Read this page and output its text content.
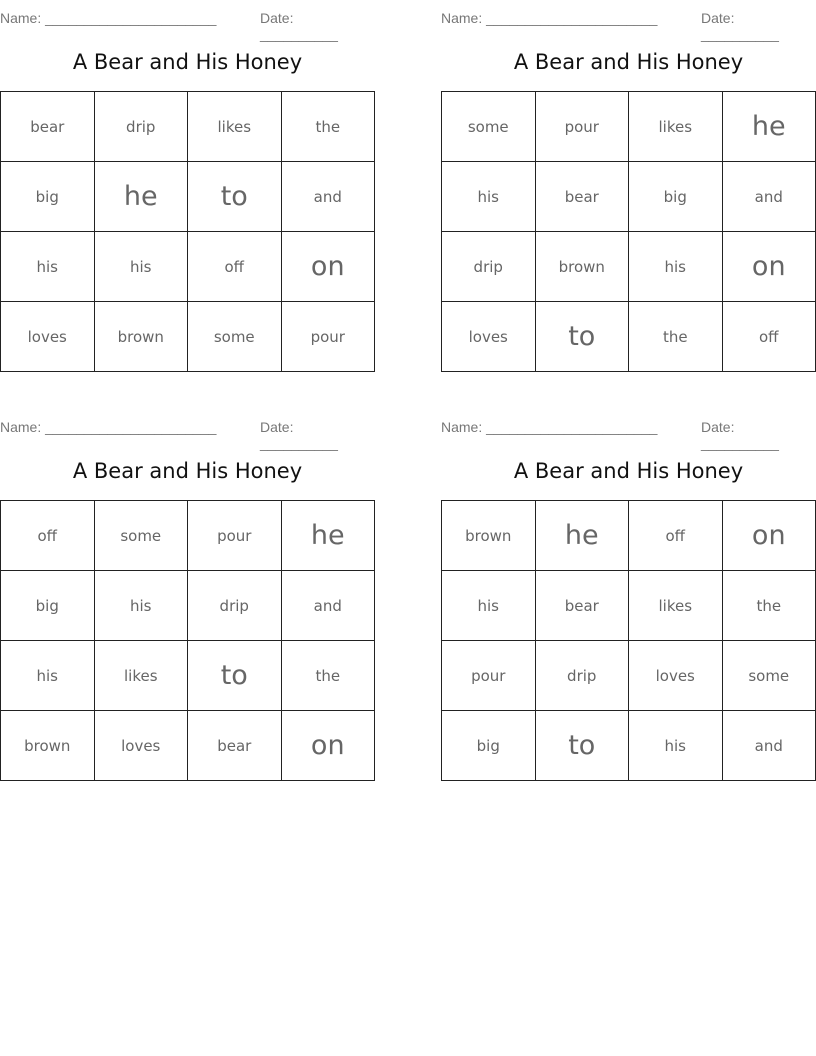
Name: ______________________	Date: __________
A Bear and His Honey
bear	drip	likes	the
big	he	to	and
his	his	off	on
loves	brown	some	pour
Name: ______________________	Date: __________
A Bear and His Honey
some	pour	likes	he
his	bear	big	and
drip	brown	his	on
loves	to	the	off
Name: ______________________	Date: __________
A Bear and His Honey
off	some	pour	he
big	his	drip	and
his	likes	to	the
brown	loves	bear	on
Name: ______________________	Date: __________
A Bear and His Honey
brown	he	off	on
his	bear	likes	the
pour	drip	loves	some
big	to	his	and
